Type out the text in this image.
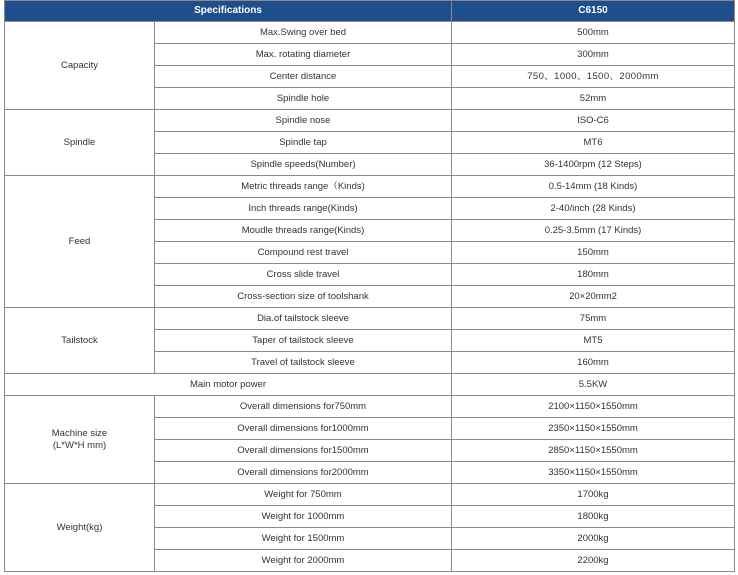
Specifications		C6150

Capacity	Max.Swing over bed	500mm
	Max. rotating diameter	300mm
	Center distance	750、1000、1500、2000mm
	Spindle hole	52mm

Spindle	Spindle nose	ISO-C6
	Spindle tap	MT6
	Spindle speeds(Number)	36-1400rpm (12 Steps)

Feed	Metric threads range（Kinds)	0.5-14mm (18 Kinds)
	Inch threads range(Kinds)	2-40/inch (28 Kinds)
	Moudle threads range(Kinds)	0.25-3.5mm (17 Kinds)
	Compound rest travel	150mm
	Cross slide travel	180mm
	Cross-section size of toolshank	20×20mm2

Tailstock	Dia.of tailstock sleeve	75mm
	Taper of tailstock sleeve	MT5
	Travel of tailstock sleeve	160mm
Main motor power		5.5KW

Machine size
(L*W*H mm)	Overall dimensions for750mm	2100×1150×1550mm
	Overall dimensions for1000mm	2350×1150×1550mm
	Overall dimensions for1500mm	2850×1150×1550mm
	Overall dimensions for2000mm	3350×1150×1550mm

Weight(kg)	Weight for 750mm	1700kg
	Weight for 1000mm	1800kg
	Weight for 1500mm	2000kg
	Weight for 2000mm	2200kg
